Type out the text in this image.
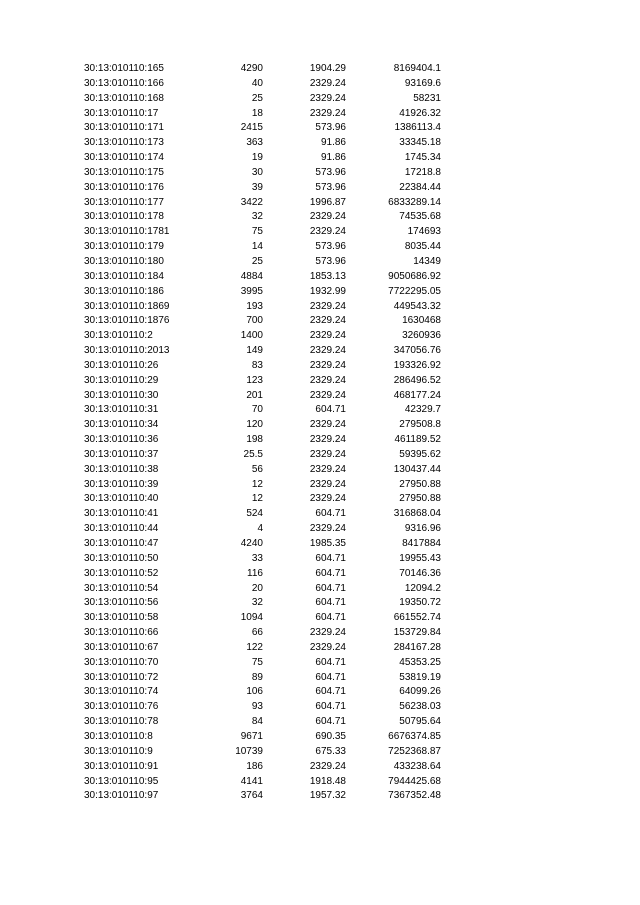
30:13:010110:165	4290	1904.29	8169404.1
30:13:010110:166	40	2329.24	93169.6
30:13:010110:168	25	2329.24	58231
30:13:010110:17	18	2329.24	41926.32
30:13:010110:171	2415	573.96	1386113.4
30:13:010110:173	363	91.86	33345.18
30:13:010110:174	19	91.86	1745.34
30:13:010110:175	30	573.96	17218.8
30:13:010110:176	39	573.96	22384.44
30:13:010110:177	3422	1996.87	6833289.14
30:13:010110:178	32	2329.24	74535.68
30:13:010110:1781	75	2329.24	174693
30:13:010110:179	14	573.96	8035.44
30:13:010110:180	25	573.96	14349
30:13:010110:184	4884	1853.13	9050686.92
30:13:010110:186	3995	1932.99	7722295.05
30:13:010110:1869	193	2329.24	449543.32
30:13:010110:1876	700	2329.24	1630468
30:13:010110:2	1400	2329.24	3260936
30:13:010110:2013	149	2329.24	347056.76
30:13:010110:26	83	2329.24	193326.92
30:13:010110:29	123	2329.24	286496.52
30:13:010110:30	201	2329.24	468177.24
30:13:010110:31	70	604.71	42329.7
30:13:010110:34	120	2329.24	279508.8
30:13:010110:36	198	2329.24	461189.52
30:13:010110:37	25.5	2329.24	59395.62
30:13:010110:38	56	2329.24	130437.44
30:13:010110:39	12	2329.24	27950.88
30:13:010110:40	12	2329.24	27950.88
30:13:010110:41	524	604.71	316868.04
30:13:010110:44	4	2329.24	9316.96
30:13:010110:47	4240	1985.35	8417884
30:13:010110:50	33	604.71	19955.43
30:13:010110:52	116	604.71	70146.36
30:13:010110:54	20	604.71	12094.2
30:13:010110:56	32	604.71	19350.72
30:13:010110:58	1094	604.71	661552.74
30:13:010110:66	66	2329.24	153729.84
30:13:010110:67	122	2329.24	284167.28
30:13:010110:70	75	604.71	45353.25
30:13:010110:72	89	604.71	53819.19
30:13:010110:74	106	604.71	64099.26
30:13:010110:76	93	604.71	56238.03
30:13:010110:78	84	604.71	50795.64
30:13:010110:8	9671	690.35	6676374.85
30:13:010110:9	10739	675.33	7252368.87
30:13:010110:91	186	2329.24	433238.64
30:13:010110:95	4141	1918.48	7944425.68
30:13:010110:97	3764	1957.32	7367352.48
